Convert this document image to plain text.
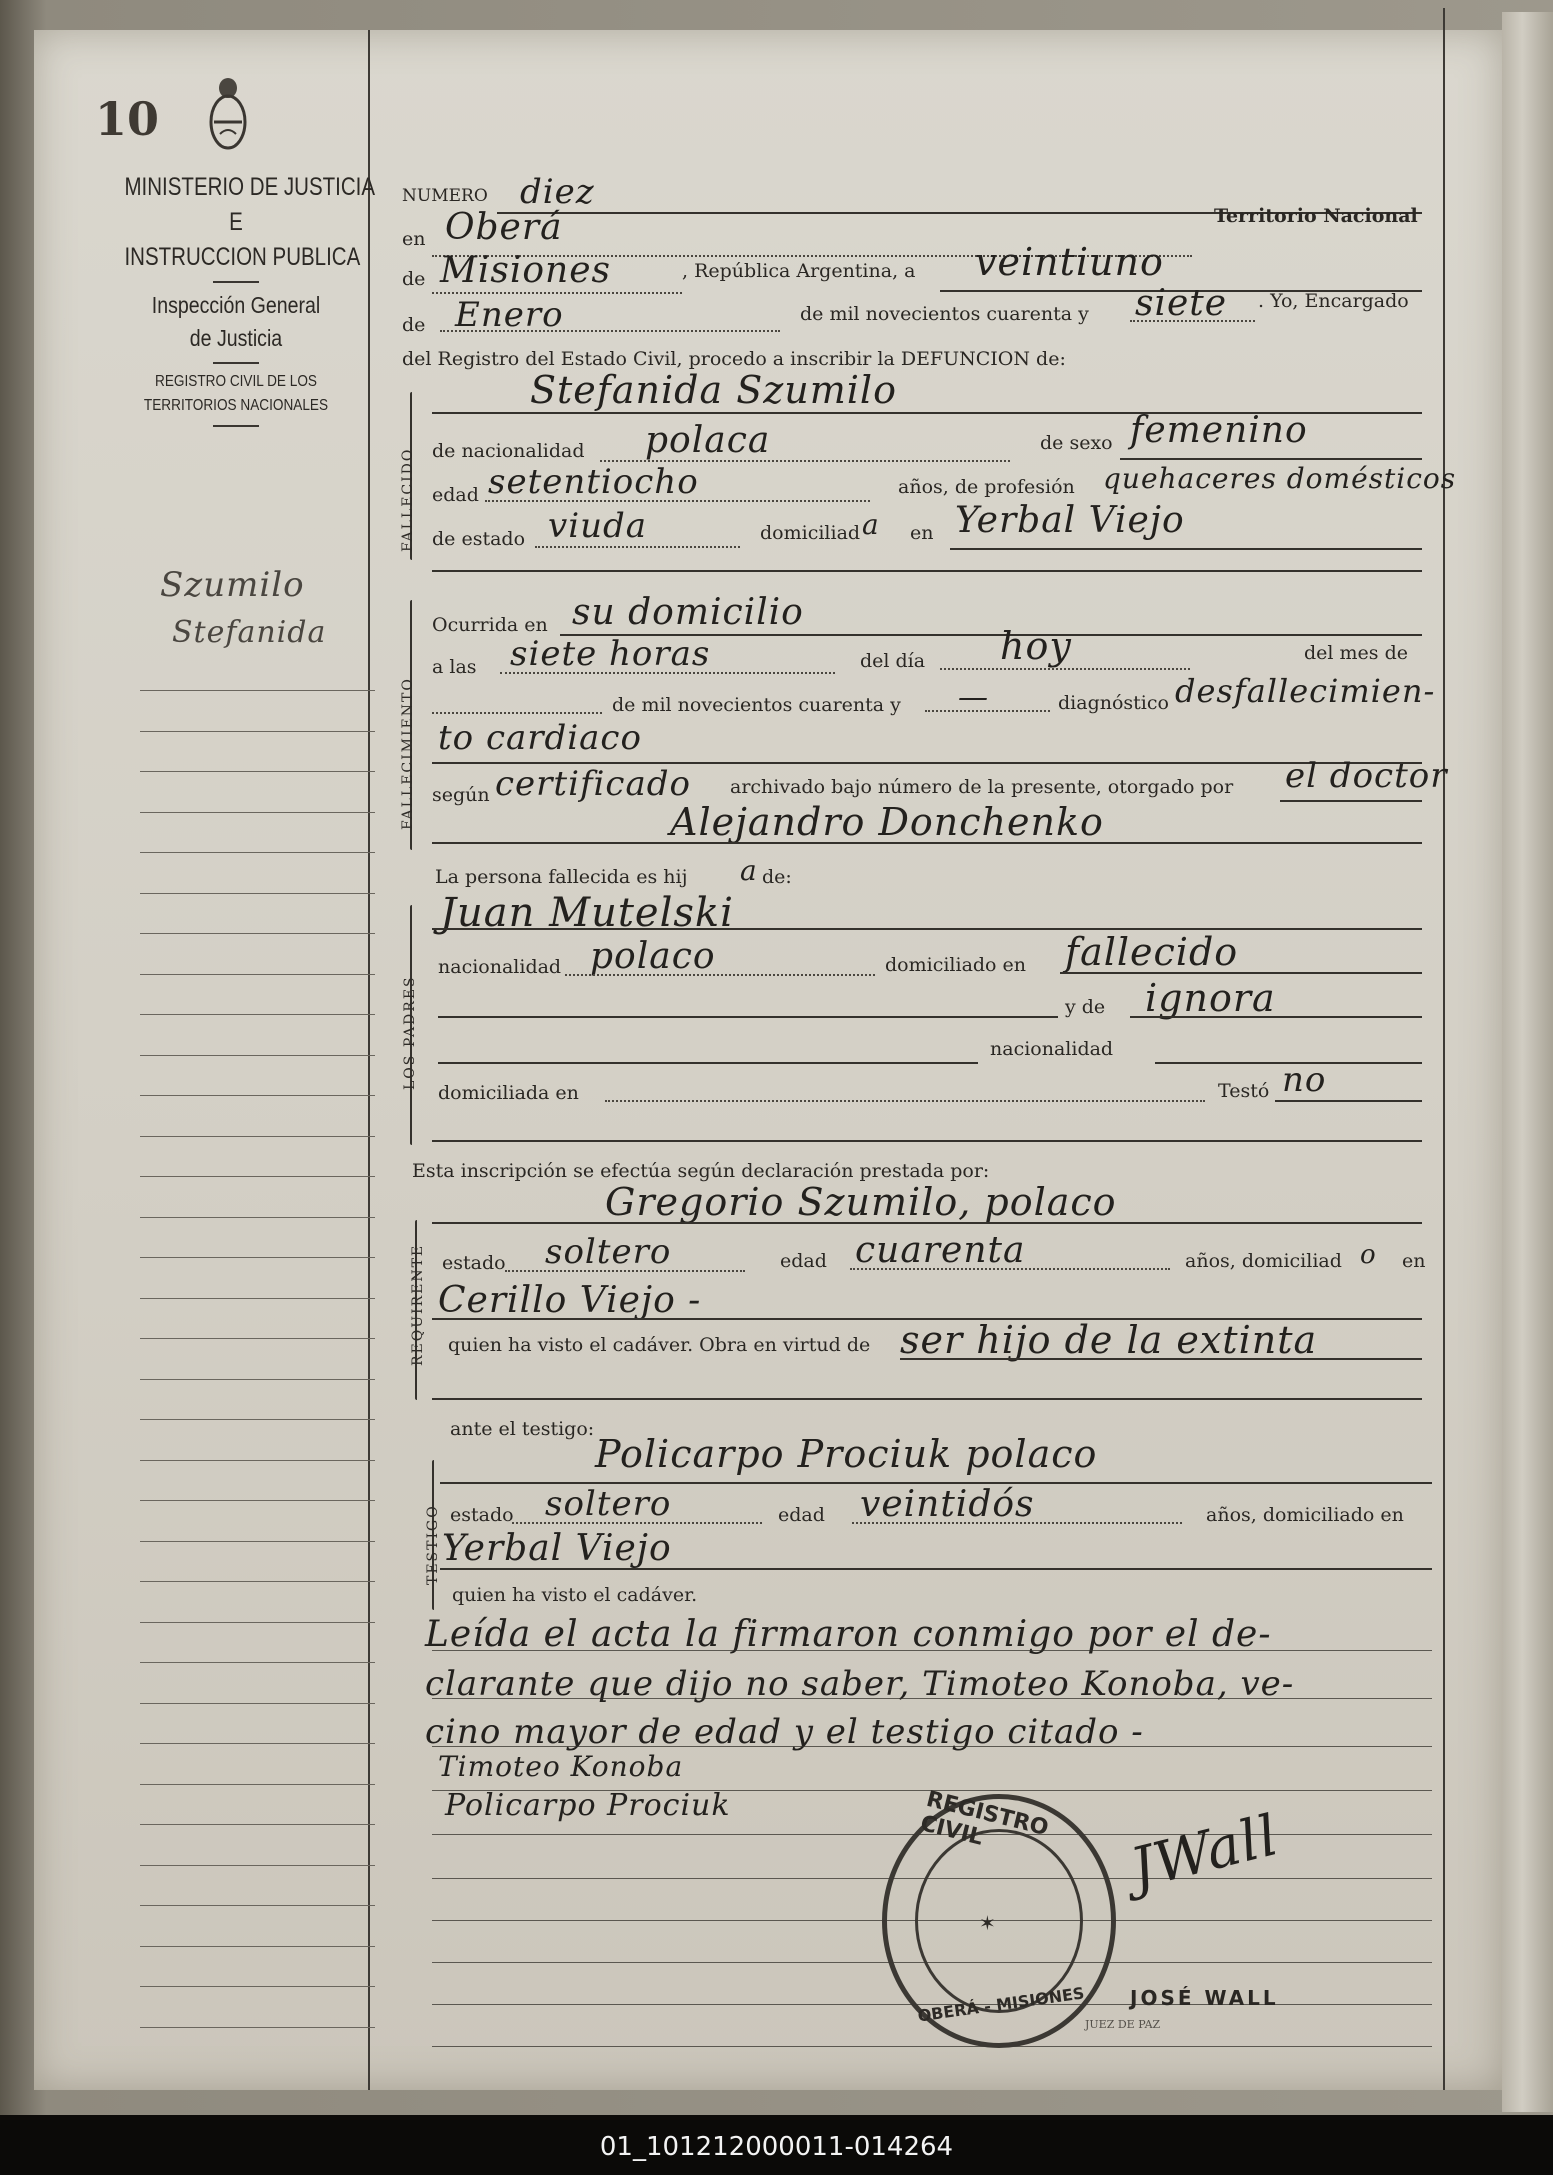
10
MINISTERIO DE JUSTICIA
E
INSTRUCCION PUBLICA
Inspección General
de Justicia
REGISTRO CIVIL DE LOS
TERRITORIOS NACIONALES
Szumilo
Stefanida
NUMERO diez
en Oberá	Territorio Nacional
de Misiones	, República Argentina, a veintiuno
de Enero	de mil novecientos cuarenta y siete . Yo, Encargado
del Registro del Estado Civil, procedo a inscribir la DEFUNCION de:
FALLECIDO
Stefanida Szumilo
de nacionalidad polaca	de sexo femenino
edad setentiocho	años, de profesión quehaceres domésticos
de estado viuda	domiciliad a en Yerbal Viejo
FALLECIMIENTO
Ocurrida en su domicilio
a las siete horas	del día hoy	del mes de
de mil novecientos cuarenta y —	diagnóstico desfallecimien-
to cardiaco
según certificado archivado bajo número de la presente, otorgado por el doctor
Alejandro Donchenko
La persona fallecida es hij a de:
LOS PADRES
Juan Mutelski
nacionalidad polaco	domiciliado en fallecido
y de ignora
nacionalidad
domiciliada en	Testó no
Esta inscripción se efectúa según declaración prestada por:
REQUIRENTE
Gregorio Szumilo, polaco
estado soltero	edad cuarenta	años, domiciliad o en
Cerillo Viejo -
quien ha visto el cadáver. Obra en virtud de ser hijo de la extinta
ante el testigo:
TESTIGO
Policarpo Prociuk polaco
estado soltero	edad veintidós	años, domiciliado en
Yerbal Viejo
quien ha visto el cadáver.
Leída el acta la firmaron conmigo por el de-
clarante que dijo no saber, Timoteo Konoba, ve-
cino mayor de edad y el testigo citado -
Timoteo Konoba
Policarpo Prociuk	REGISTRO CIVIL
OBERÁ - MISIONES
✶
JWall
JOSÉ WALL
JUEZ DE PAZ
01_101212000011-014264
